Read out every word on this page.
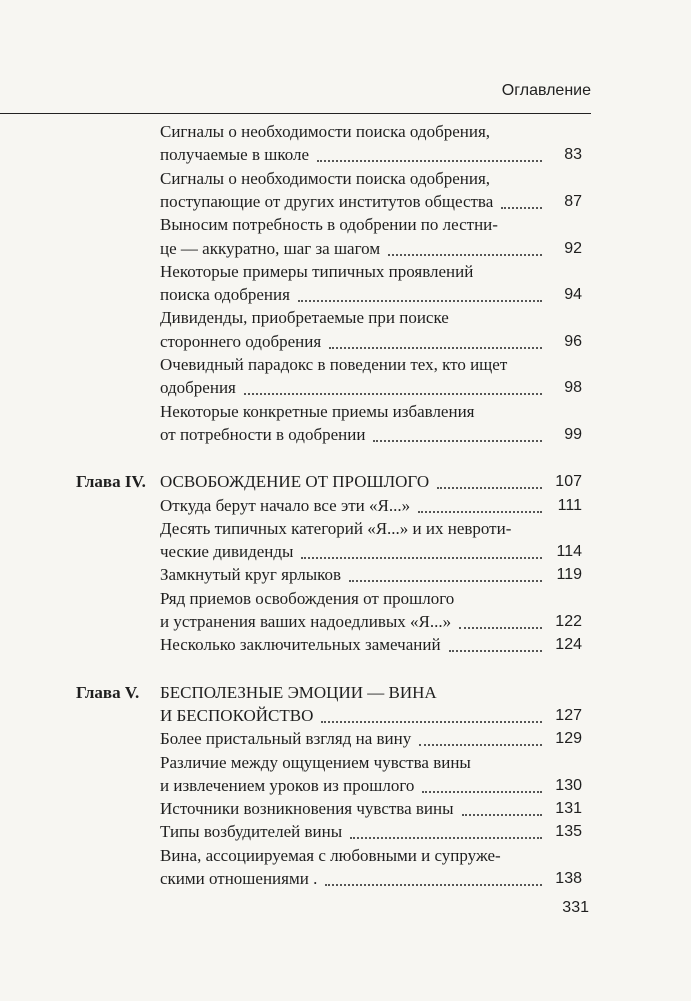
Оглавление
Сигналы о необходимости поиска одобрения,
получаемые в школе	83
Сигналы о необходимости поиска одобрения,
поступающие от других институтов общества	87
Выносим потребность в одобрении по лестни-
це — аккуратно, шаг за шагом	92
Некоторые примеры типичных проявлений
поиска одобрения	94
Дивиденды, приобретаемые при поиске
стороннего одобрения	96
Очевидный парадокс в поведении тех, кто ищет
одобрения	98
Некоторые конкретные приемы избавления
от потребности в одобрении	99
Глава IV. ОСВОБОЖДЕНИЕ ОТ ПРОШЛОГО	107
Откуда берут начало все эти «Я...»	111
Десять типичных категорий «Я...» и их невроти-
ческие дивиденды	114
Замкнутый круг ярлыков	119
Ряд приемов освобождения от прошлого
и устранения ваших надоедливых «Я...»	122
Несколько заключительных замечаний	124
Глава V. БЕСПОЛЕЗНЫЕ ЭМОЦИИ — ВИНА
И БЕСПОКОЙСТВО	127
Более пристальный взгляд на вину	129
Различие между ощущением чувства вины
и извлечением уроков из прошлого	130
Источники возникновения чувства вины	131
Типы возбудителей вины	135
Вина, ассоциируемая с любовными и супруже-
скими отношениями .	138
331
